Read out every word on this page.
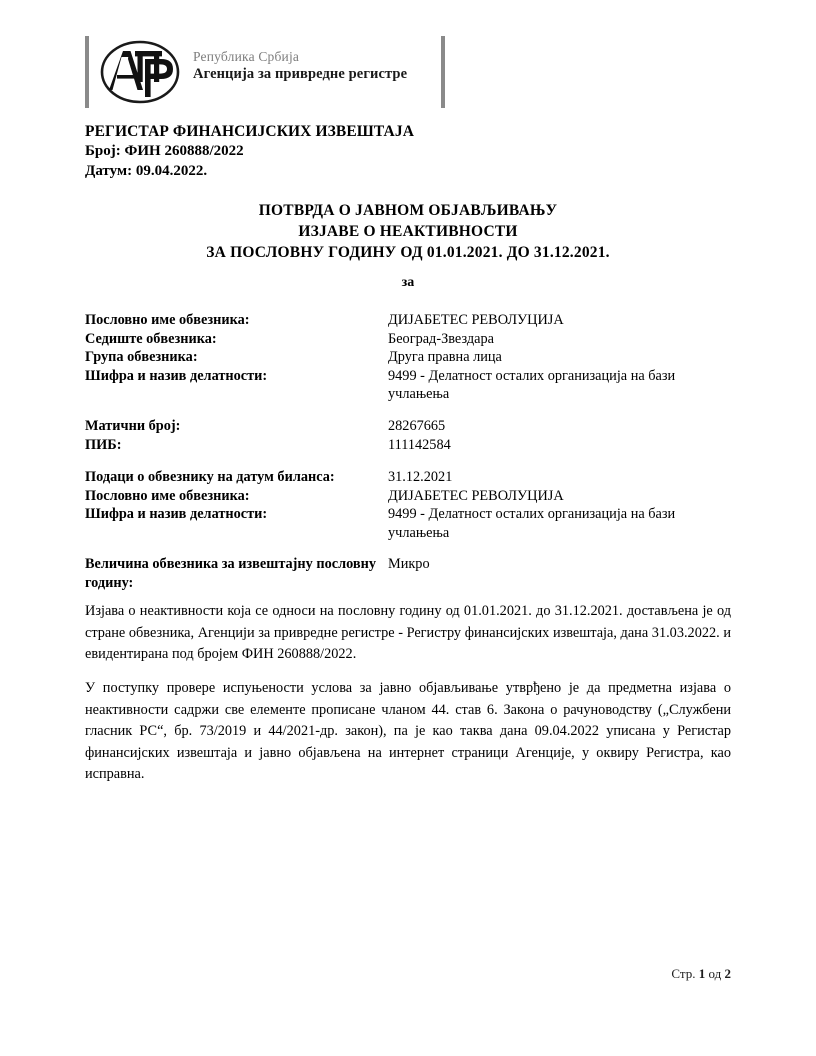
Република Србија
Агенција за привредне регистре
РЕГИСТАР ФИНАНСИЈСКИХ ИЗВЕШТАЈА
Број: ФИН 260888/2022
Датум: 09.04.2022.
ПОТВРДА О ЈАВНОМ ОБЈАВЉИВАЊУ
ИЗЈАВЕ О НЕАКТИВНОСТИ
ЗА ПОСЛОВНУ ГОДИНУ ОД 01.01.2021. ДО 31.12.2021.
за
Пословно име обвезника:	ДИЈАБЕТЕС РЕВОЛУЦИЈА
Седиште обвезника:	Београд-Звездара
Група обвезника:	Друга правна лица
Шифра и назив делатности:	9499 - Делатност осталих организација на бази учлањења
Матични број:	28267665
ПИБ:	111142584
Подаци о обвезнику на датум биланса:	31.12.2021
Пословно име обвезника:	ДИЈАБЕТЕС РЕВОЛУЦИЈА
Шифра и назив делатности:	9499 - Делатност осталих организација на бази учлањења
Величина обвезника за извештајну пословну годину:
Микро
Изјава о неактивности која се односи на пословну годину од 01.01.2021. до 31.12.2021. достављена је од стране обвезника, Агенцији за привредне регистре - Регистру финансијских извештаја, дана 31.03.2022. и евидентирана под бројем ФИН 260888/2022.
У поступку провере испуњености услова за јавно објављивање утврђено је да предметна изјава о неактивности садржи све елементе прописане чланом 44. став 6. Закона о рачуноводству („Службени гласник РС“, бр. 73/2019 и 44/2021-др. закон), па је као таква дана 09.04.2022 уписана у Регистар финансијских извештаја и јавно објављена на интернет страници Агенције, у оквиру Регистра, као исправна.
Стр. 1 од 2
